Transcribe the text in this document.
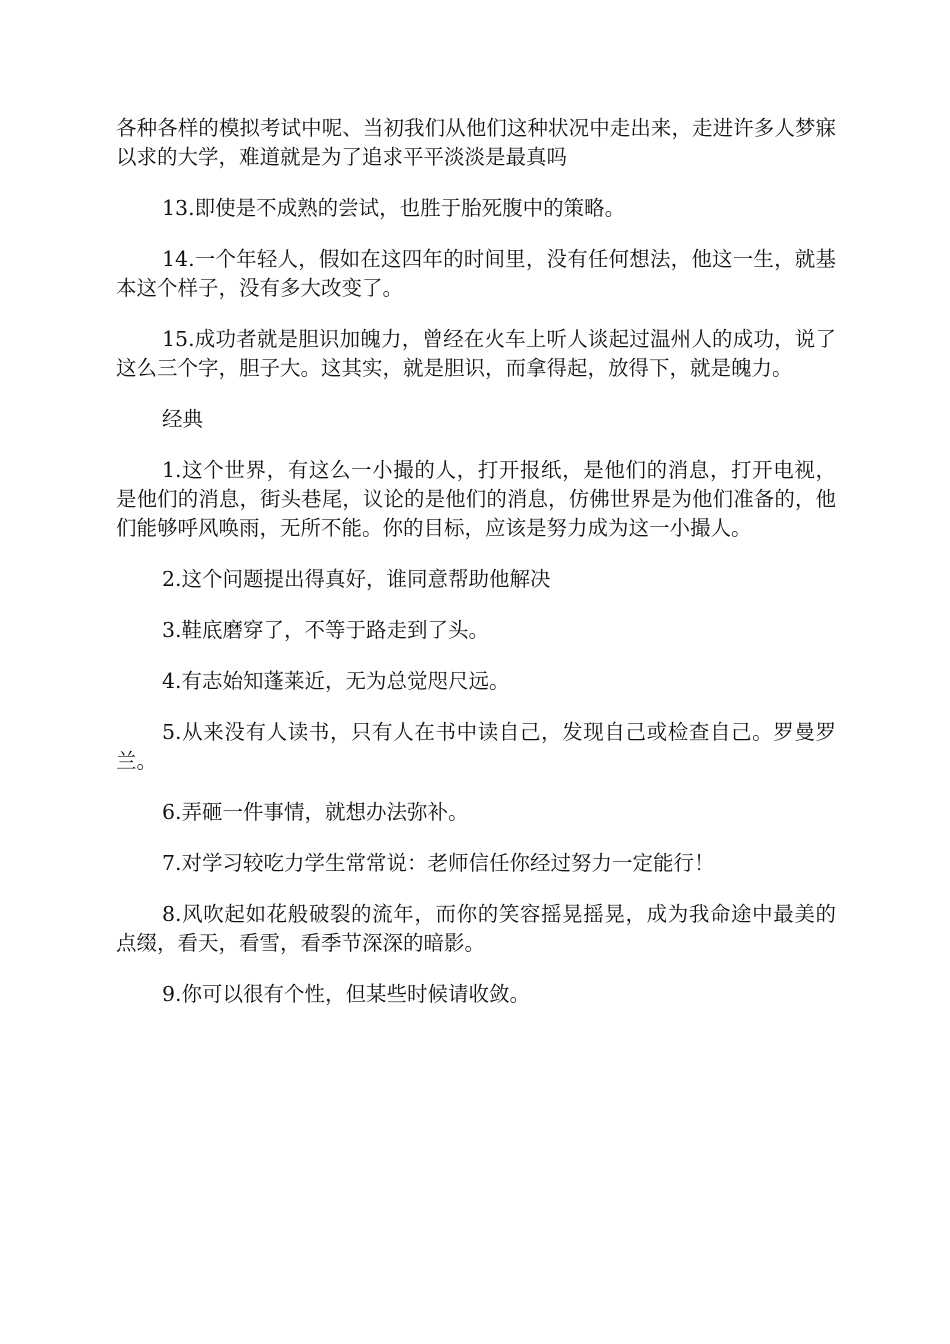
各种各样的模拟考试中呢、当初我们从他们这种状况中走出来，走进许多人梦寐以求的大学，难道就是为了追求平平淡淡是最真吗

13.即使是不成熟的尝试，也胜于胎死腹中的策略。

14.一个年轻人，假如在这四年的时间里，没有任何想法，他这一生，就基本这个样子，没有多大改变了。

15.成功者就是胆识加魄力，曾经在火车上听人谈起过温州人的成功，说了这么三个字，胆子大。这其实，就是胆识，而拿得起，放得下，就是魄力。

经典

1.这个世界，有这么一小撮的人，打开报纸，是他们的消息，打开电视，是他们的消息，街头巷尾，议论的是他们的消息，仿佛世界是为他们准备的，他们能够呼风唤雨，无所不能。你的目标，应该是努力成为这一小撮人。

2.这个问题提出得真好，谁同意帮助他解决

3.鞋底磨穿了，不等于路走到了头。

4.有志始知蓬莱近，无为总觉咫尺远。

5.从来没有人读书，只有人在书中读自己，发现自己或检查自己。罗曼罗兰。

6.弄砸一件事情，就想办法弥补。

7.对学习较吃力学生常常说：老师信任你经过努力一定能行！

8.风吹起如花般破裂的流年，而你的笑容摇晃摇晃，成为我命途中最美的点缀，看天，看雪，看季节深深的暗影。

9.你可以很有个性，但某些时候请收敛。
